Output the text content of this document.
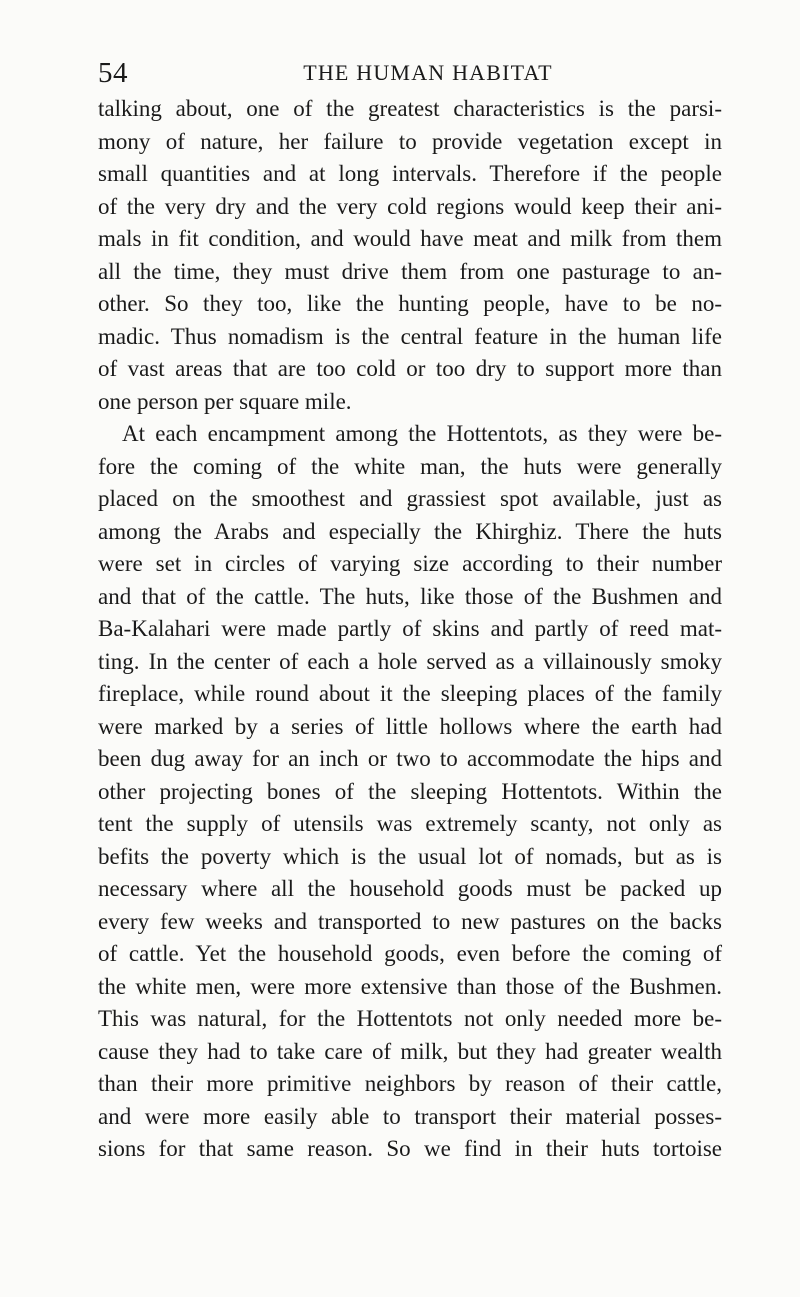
54	THE HUMAN HABITAT
talking about, one of the greatest characteristics is the parsi-
mony of nature, her failure to provide vegetation except in
small quantities and at long intervals. Therefore if the people
of the very dry and the very cold regions would keep their ani-
mals in fit condition, and would have meat and milk from them
all the time, they must drive them from one pasturage to an-
other. So they too, like the hunting people, have to be no-
madic. Thus nomadism is the central feature in the human life
of vast areas that are too cold or too dry to support more than
one person per square mile.
At each encampment among the Hottentots, as they were be-
fore the coming of the white man, the huts were generally
placed on the smoothest and grassiest spot available, just as
among the Arabs and especially the Khirghiz. There the huts
were set in circles of varying size according to their number
and that of the cattle. The huts, like those of the Bushmen and
Ba-Kalahari were made partly of skins and partly of reed mat-
ting. In the center of each a hole served as a villainously smoky
fireplace, while round about it the sleeping places of the family
were marked by a series of little hollows where the earth had
been dug away for an inch or two to accommodate the hips and
other projecting bones of the sleeping Hottentots. Within the
tent the supply of utensils was extremely scanty, not only as
befits the poverty which is the usual lot of nomads, but as is
necessary where all the household goods must be packed up
every few weeks and transported to new pastures on the backs
of cattle. Yet the household goods, even before the coming of
the white men, were more extensive than those of the Bushmen.
This was natural, for the Hottentots not only needed more be-
cause they had to take care of milk, but they had greater wealth
than their more primitive neighbors by reason of their cattle,
and were more easily able to transport their material posses-
sions for that same reason. So we find in their huts tortoise
